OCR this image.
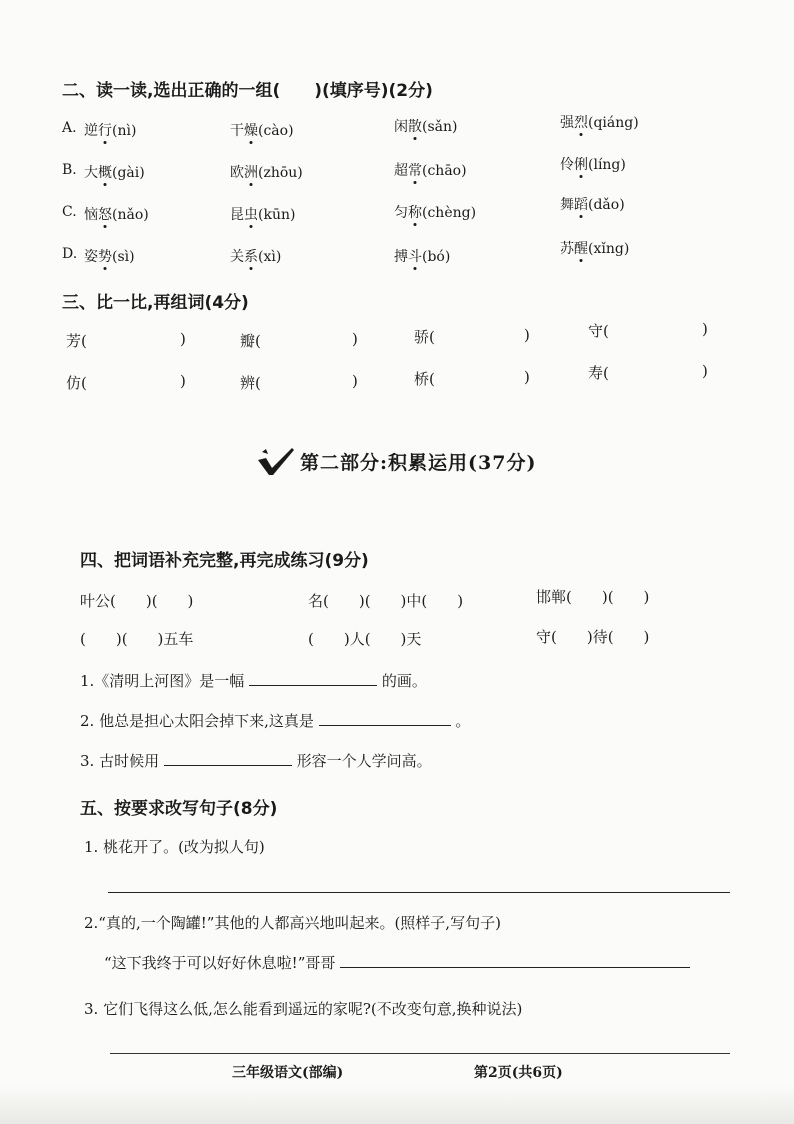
二、读一读,选出正确的一组(　　)(填序号)(2分)
A. 逆行(nì)	干燥(cào)	闲散(sǎn)	强烈(qiáng)
B. 大概(gài)	欧洲(zhōu)	超常(chāo)	伶俐(líng)
C. 恼怒(nǎo)	昆虫(kūn)	匀称(chèng)	舞蹈(dǎo)
D. 姿势(sì)	关系(xì)	搏斗(bó)	苏醒(xǐng)
三、比一比,再组词(4分)
芳(	)	瓣(	)	骄(	)	守(	)
仿(	)	辨(	)	桥(	)	寿(	)
第二部分:积累运用(37分)
四、把词语补充完整,再完成练习(9分)
叶公(　　)(　　)	名(　　)(　　)中(　　)	邯郸(　　)(　　)
(　　)(　　)五车	(　　)人(　　)天	守(　　)待(　　)
1.《清明上河图》是一幅	的画。
2. 他总是担心太阳会掉下来,这真是	。
3. 古时候用	形容一个人学问高。
五、按要求改写句子(8分)
1. 桃花开了。(改为拟人句)
2.“真的,一个陶罐!”其他的人都高兴地叫起来。(照样子,写句子)
“这下我终于可以好好休息啦!”哥哥
3. 它们飞得这么低,怎么能看到遥远的家呢?(不改变句意,换种说法)
三年级语文(部编)	第2页(共6页)
